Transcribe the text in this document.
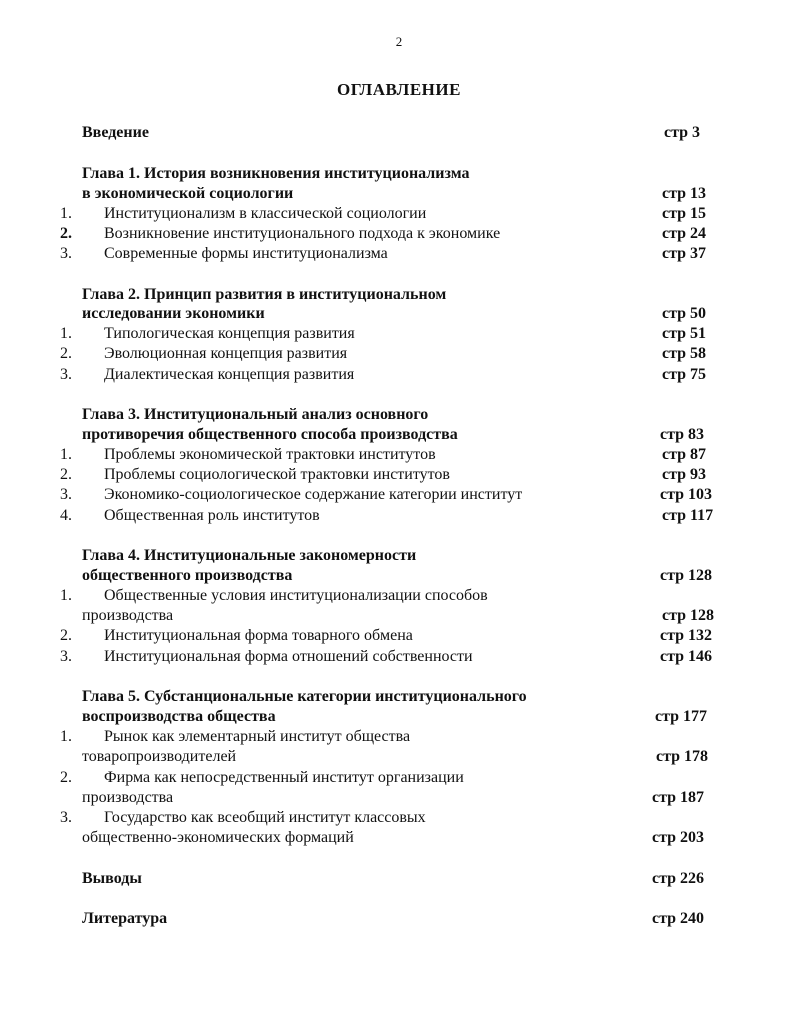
2
ОГЛАВЛЕНИЕ
Введение	стр 3
Глава 1. История возникновения институционализма
в экономической социологии	стр 13
1. Институционализм в классической социологии	стр 15
2. Возникновение институционального подхода к экономике	стр 24
3. Современные формы институционализма	стр 37
Глава 2. Принцип развития в институциональном
исследовании экономики	стр 50
1. Типологическая концепция развития	стр 51
2. Эволюционная концепция развития	стр 58
3. Диалектическая концепция развития	стр 75
Глава 3. Институциональный анализ основного
противоречия общественного способа производства	стр 83
1. Проблемы экономической трактовки институтов	стр 87
2. Проблемы социологической трактовки институтов	стр 93
3. Экономико-социологическое содержание категории институт	стр 103
4. Общественная роль институтов	стр 117
Глава 4. Институциональные закономерности
общественного производства	стр 128
1. Общественные условия институционализации способов
производства	стр 128
2. Институциональная форма товарного обмена	стр 132
3. Институциональная форма отношений собственности	стр 146
Глава 5. Субстанциональные категории институционального
воспроизводства общества	стр 177
1. Рынок как элементарный институт общества
товаропроизводителей	стр 178
2. Фирма как непосредственный институт организации
производства	стр 187
3. Государство как всеобщий институт классовых
общественно-экономических формаций	стр 203
Выводы	стр 226
Литература	стр 240
